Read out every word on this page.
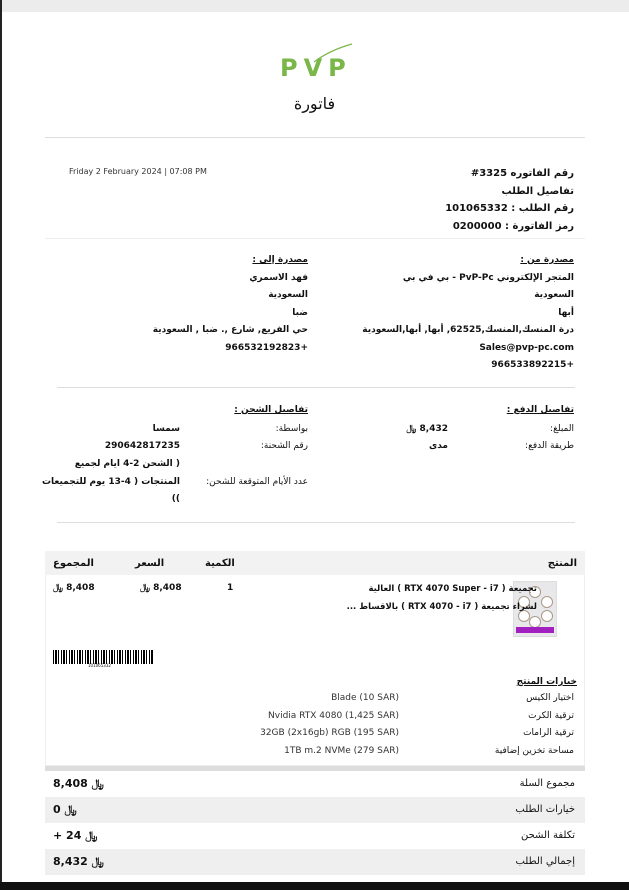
PVP
فاتورة
Friday 2 February 2024 | 07:08 PM	رقم الفاتوره 3325#
تفاصيل الطلب
رقم الطلب : 101065332
رمز الفاتورة : 0200000
مصدرة من :
المتجر الإلكتروني PvP-Pc - بي في بي
السعودية
أبها
درة المنسك,المنسك,62525, أبها, أبها,السعودية
Sales@pvp-pc.com
+966533892215
مصدرة إلى :
فهد الاسمري
السعودية
ضبا
حي الفريع, شارع ,. ضبا , السعودية
+966532192823
تفاصيل الدفع :
المبلغ:
8,432 ﷼
طريقة الدفع:
مدى
تفاصيل الشحن :
بواسطة:
سمسا
رقم الشحنة:
290642817235
عدد الأيام المتوقعة للشحن:
( الشحن 2-4 ايام لجميع
المنتجات ( 4-13 يوم للتجميعات
))
المنتج
الكمية
السعر
المجموع
تجميعة ( RTX 4070 Super - i7 ) العالية
لشراء تجميعة ( RTX 4070 - i7 ) بالاقساط ...
1
8,408 ﷼
8,408 ﷼
101065332
خيارات المنتج
اختيار الكيس
ترقية الكرت
ترقية الرامات
مساحة تخزين إضافية
Blade (10 SAR)
Nvidia RTX 4080 (1,425 SAR)
32GB (2x16gb) RGB (195 SAR)
1TB m.2 NVMe (279 SAR)
مجموع السلة
8,408 ﷼
خيارات الطلب
0 ﷼
تكلفة الشحن
+ 24 ﷼
إجمالي الطلب
8,432 ﷼
